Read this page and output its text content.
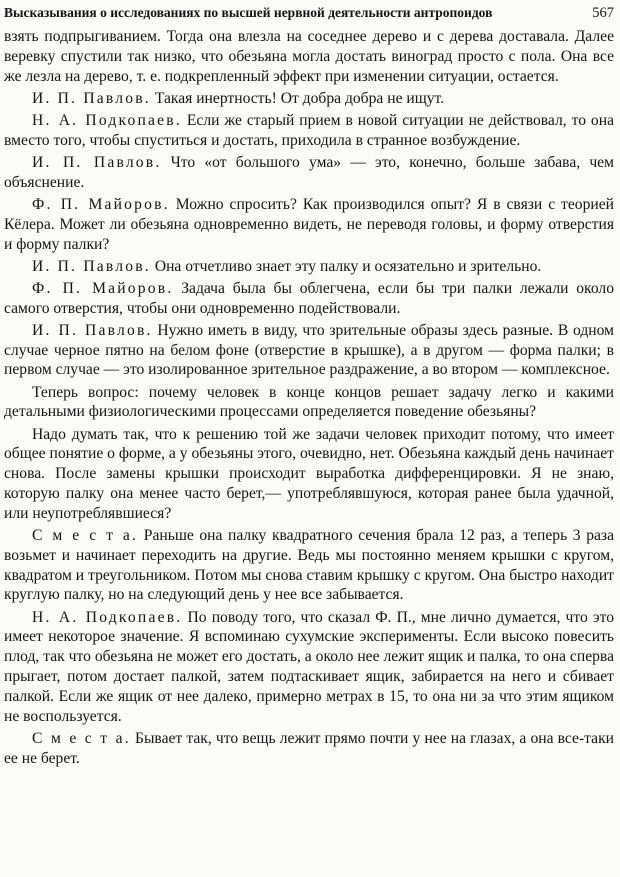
Высказывания о исследованиях по высшей нервной деятельности антропоидов	567

взять подпрыгиванием. Тогда она влезла на соседнее дерево и с дерева доставала. Далее веревку спустили так низко, что обезьяна могла достать виноград просто с пола. Она все же лезла на дерево, т. е. подкрепленный эффект при изменении ситуации, остается.

И. П. Павлов. Такая инертность! От добра добра не ищут.

Н. А. Подкопаев. Если же старый прием в новой ситуации не действовал, то она вместо того, чтобы спуститься и достать, приходила в странное возбуждение.

И. П. Павлов. Что «от большого ума» — это, конечно, больше забава, чем объяснение.

Ф. П. Майоров. Можно спросить? Как производился опыт? Я в связи с теорией Кёлера. Может ли обезьяна одновременно видеть, не переводя головы, и форму отверстия и форму палки?

И. П. Павлов. Она отчетливо знает эту палку и осязательно и зрительно.

Ф. П. Майоров. Задача была бы облегчена, если бы три палки лежали около самого отверстия, чтобы они одновременно подействовали.

И. П. Павлов. Нужно иметь в виду, что зрительные образы здесь разные. В одном случае черное пятно на белом фоне (отверстие в крышке), а в другом — форма палки; в первом случае — это изолированное зрительное раздражение, а во втором — комплексное.

Теперь вопрос: почему человек в конце концов решает задачу легко и какими детальными физиологическими процессами определяется поведение обезьяны?

Надо думать так, что к решению той же задачи человек приходит потому, что имеет общее понятие о форме, а у обезьяны этого, очевидно, нет. Обезьяна каждый день начинает снова. После замены крышки происходит выработка дифференцировки. Я не знаю, которую палку она менее часто берет,— употреблявшуюся, которая ранее была удачной, или неупотреблявшиеся?

С м е с т а. Раньше она палку квадратного сечения брала 12 раз, а теперь 3 раза возьмет и начинает переходить на другие. Ведь мы постоянно меняем крышки с кругом, квадратом и треугольником. Потом мы снова ставим крышку с кругом. Она быстро находит круглую палку, но на следующий день у нее все забывается.

Н. А. Подкопаев. По поводу того, что сказал Ф. П., мне лично думается, что это имеет некоторое значение. Я вспоминаю сухумские эксперименты. Если высоко повесить плод, так что обезьяна не может его достать, а около нее лежит ящик и палка, то она сперва прыгает, потом достает палкой, затем подтаскивает ящик, забирается на него и сбивает палкой. Если же ящик от нее далеко, примерно метрах в 15, то она ни за что этим ящиком не воспользуется.

С м е с т а. Бывает так, что вещь лежит прямо почти у нее на глазах, а она все-таки ее не берет.
